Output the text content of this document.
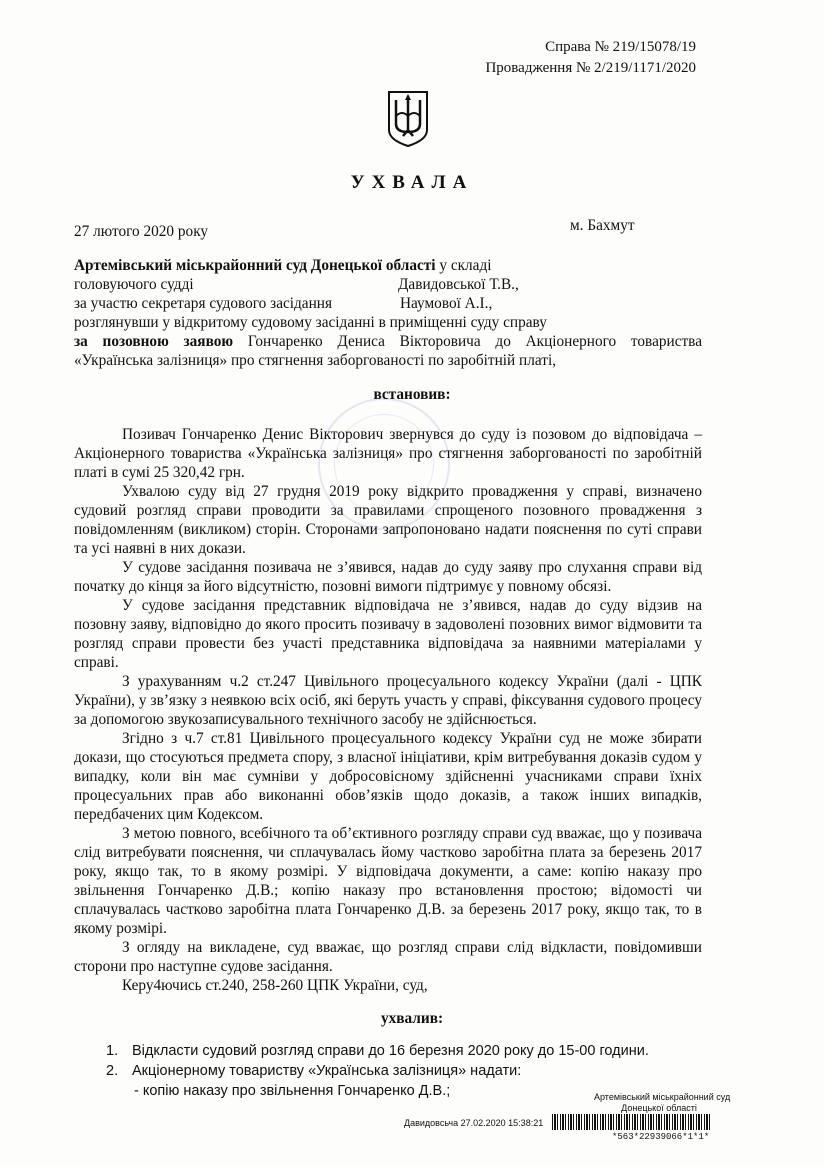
Справа № 219/15078/19
Провадження № 2/219/1171/2020
УХВАЛА
27 лютого 2020 року	м. Бахмут
Артемівський міськрайонний суд Донецької області у складі
головуючого судді	Давидовської Т.В.,
за участю секретаря судового засідання	Наумової А.І.,
розглянувши у відкритому судовому засіданні в приміщенні суду справу
за позовною заявою Гончаренко Дениса Вікторовича до Акціонерного товариства
«Українська залізниця» про стягнення заборгованості по заробітній платі,
встановив:
Позивач Гончаренко Денис Вікторович звернувся до суду із позовом до відповідача – Акціонерного товариства «Українська залізниця» про стягнення заборгованості по заробітній платі в сумі 25 320,42 грн.
Ухвалою суду від 27 грудня 2019 року відкрито провадження у справі, визначено судовий розгляд справи проводити за правилами спрощеного позовного провадження з повідомленням (викликом) сторін. Сторонами запропоновано надати пояснення по суті справи та усі наявні в них докази.
У судове засідання позивача не з’явився, надав до суду заяву про слухання справи від початку до кінця за його відсутністю, позовні вимоги підтримує у повному обсязі.
У судове засідання представник відповідача не з’явився, надав до суду відзив на позовну заяву, відповідно до якого просить позивачу в задоволені позовних вимог відмовити та розгляд справи провести без участі представника відповідача за наявними матеріалами у справі.
З урахуванням ч.2 ст.247 Цивільного процесуального кодексу України (далі - ЦПК України), у зв’язку з неявкою всіх осіб, які беруть участь у справі, фіксування судового процесу за допомогою звукозаписувального технічного засобу не здійснюється.
Згідно з ч.7 ст.81 Цивільного процесуального кодексу України суд не може збирати докази, що стосуються предмета спору, з власної ініціативи, крім витребування доказів судом у випадку, коли він має сумніви у добросовісному здійсненні учасниками справи їхніх процесуальних прав або виконанні обов’язків щодо доказів, а також інших випадків, передбачених цим Кодексом.
З метою повного, всебічного та об’єктивного розгляду справи суд вважає, що у позивача слід витребувати пояснення, чи сплачувалась йому частково заробітна плата за березень 2017 року, якщо так, то в якому розмірі. У відповідача документи, а саме: копію наказу про звільнення Гончаренко Д.В.; копію наказу про встановлення простою; відомості чи сплачувалась частково заробітна плата Гончаренко Д.В. за березень 2017 року, якщо так, то в якому розмірі.
З огляду на викладене, суд вважає, що розгляд справи слід відкласти, повідомивши сторони про наступне судове засідання.
Керу4ючись ст.240, 258-260 ЦПК України, суд,
ухвалив:
1. Відкласти судовий розгляд справи до 16 березня 2020 року до 15-00 години.
2. Акціонерному товариству «Українська залізниця» надати:
- копію наказу про звільнення Гончаренко Д.В.;	Артемівський міськрайонний суд
Донецької області
Давидовсьча 27.02.2020 15:38:21
*563*22939066*1*1*
